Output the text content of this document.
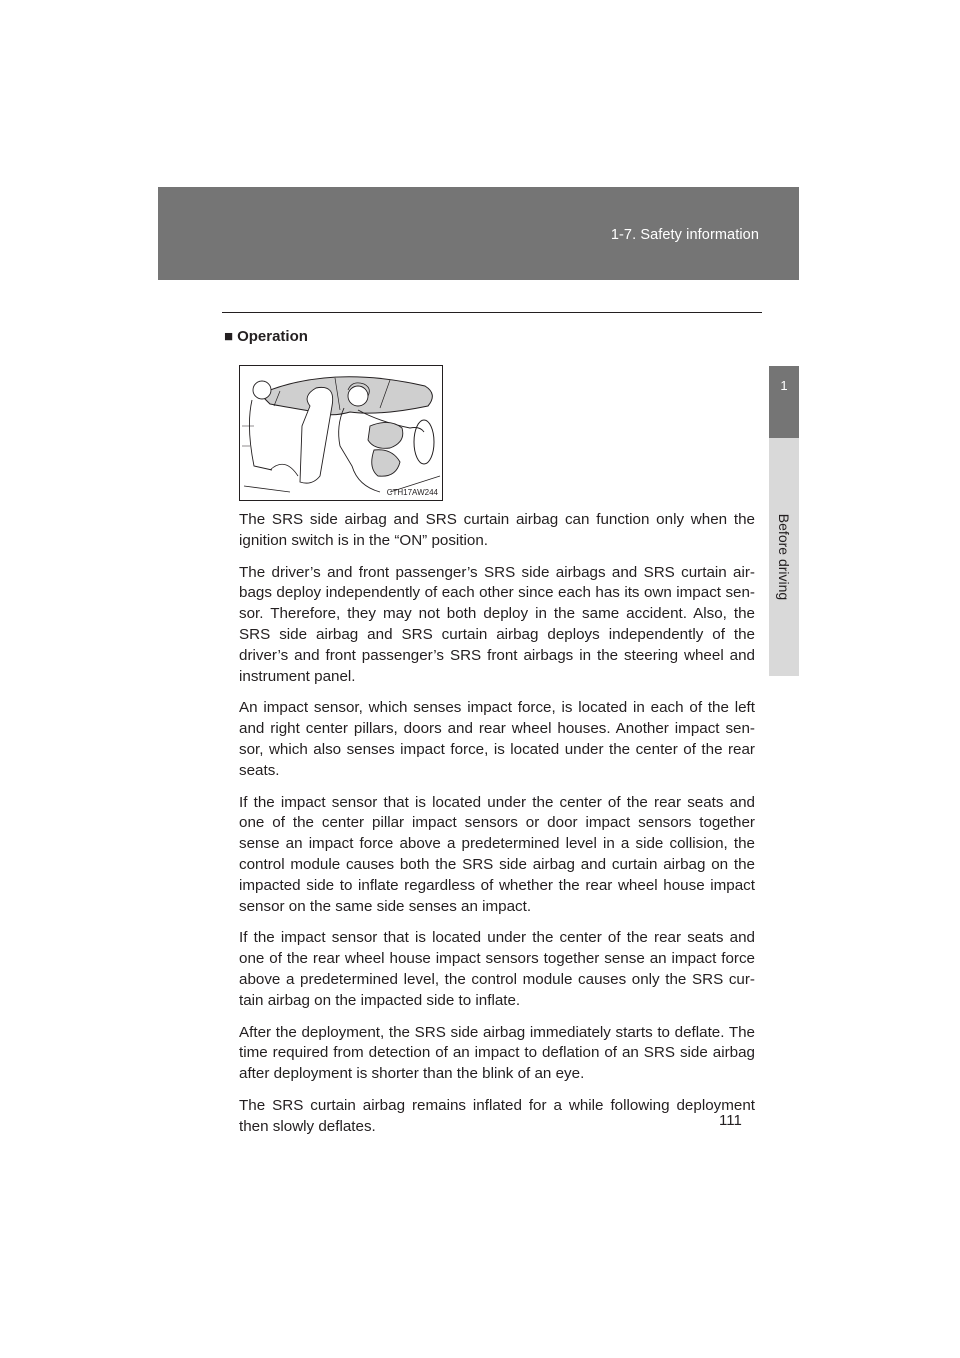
1-7. Safety information
1
Before driving
■ Operation
CTH17AW244

The SRS side airbag and SRS curtain airbag can function only when the ignition switch is in the “ON” position.

The driver’s and front passenger’s SRS side airbags and SRS curtain air-bags deploy independently of each other since each has its own impact sen-sor. Therefore, they may not both deploy in the same accident. Also, the SRS side airbag and SRS curtain airbag deploys independently of the driver’s and front passenger’s SRS front airbags in the steering wheel and instrument panel.

An impact sensor, which senses impact force, is located in each of the left and right center pillars, doors and rear wheel houses. Another impact sen-sor, which also senses impact force, is located under the center of the rear seats.

If the impact sensor that is located under the center of the rear seats and one of the center pillar impact sensors or door impact sensors together sense an impact force above a predetermined level in a side collision, the control module causes both the SRS side airbag and curtain airbag on the impacted side to inflate regardless of whether the rear wheel house impact sensor on the same side senses an impact.

If the impact sensor that is located under the center of the rear seats and one of the rear wheel house impact sensors together sense an impact force above a predetermined level, the control module causes only the SRS cur-tain airbag on the impacted side to inflate.

After the deployment, the SRS side airbag immediately starts to deflate. The time required from detection of an impact to deflation of an SRS side airbag after deployment is shorter than the blink of an eye.

The SRS curtain airbag remains inflated for a while following deployment then slowly deflates.	111
